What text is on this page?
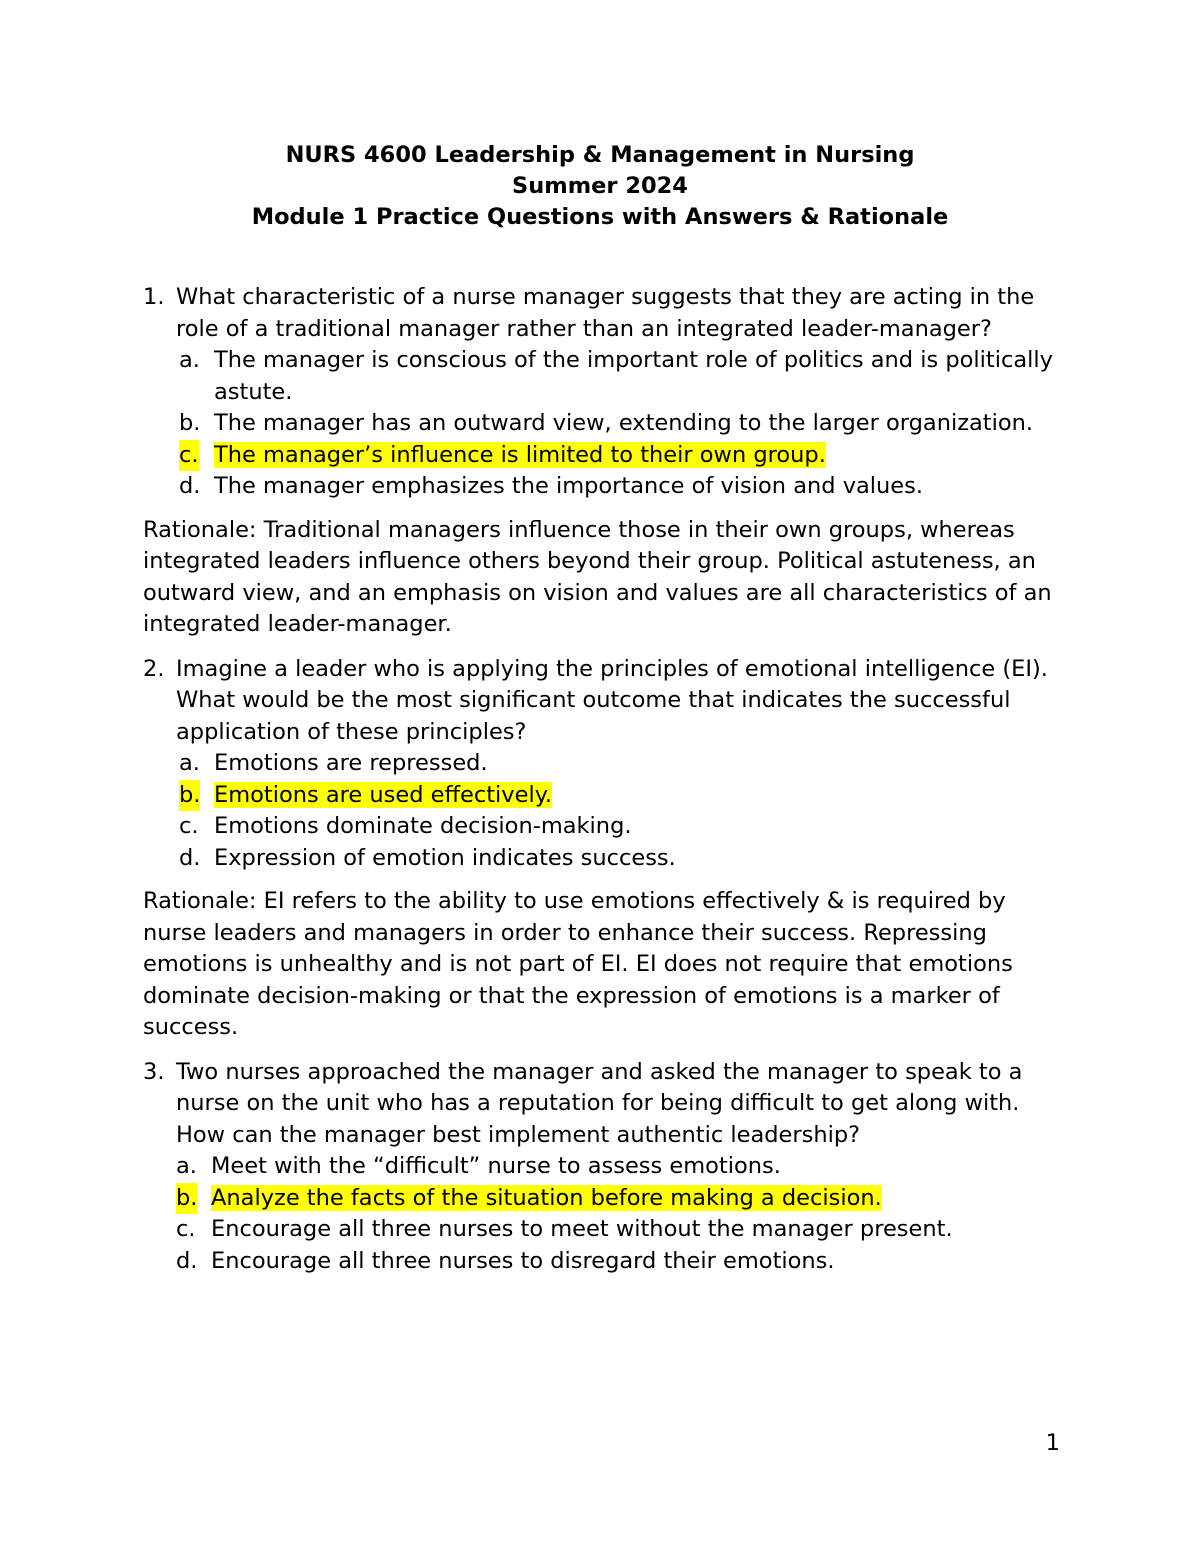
NURS 4600 Leadership & Management in Nursing
Summer 2024
Module 1 Practice Questions with Answers & Rationale
1. What characteristic of a nurse manager suggests that they are acting in the role of a traditional manager rather than an integrated leader-manager?
a. The manager is conscious of the important role of politics and is politically astute.
b. The manager has an outward view, extending to the larger organization.
c. The manager’s influence is limited to their own group.
d. The manager emphasizes the importance of vision and values.
Rationale: Traditional managers influence those in their own groups, whereas integrated leaders influence others beyond their group. Political astuteness, an outward view, and an emphasis on vision and values are all characteristics of an integrated leader-manager.
2. Imagine a leader who is applying the principles of emotional intelligence (EI). What would be the most significant outcome that indicates the successful application of these principles?
a. Emotions are repressed.
b. Emotions are used effectively.
c. Emotions dominate decision-making.
d. Expression of emotion indicates success.
Rationale: EI refers to the ability to use emotions effectively & is required by nurse leaders and managers in order to enhance their success. Repressing emotions is unhealthy and is not part of EI. EI does not require that emotions dominate decision-making or that the expression of emotions is a marker of success.
3. Two nurses approached the manager and asked the manager to speak to a nurse on the unit who has a reputation for being difficult to get along with. How can the manager best implement authentic leadership?
a. Meet with the “difficult” nurse to assess emotions.
b. Analyze the facts of the situation before making a decision.
c. Encourage all three nurses to meet without the manager present.
d. Encourage all three nurses to disregard their emotions.
1
